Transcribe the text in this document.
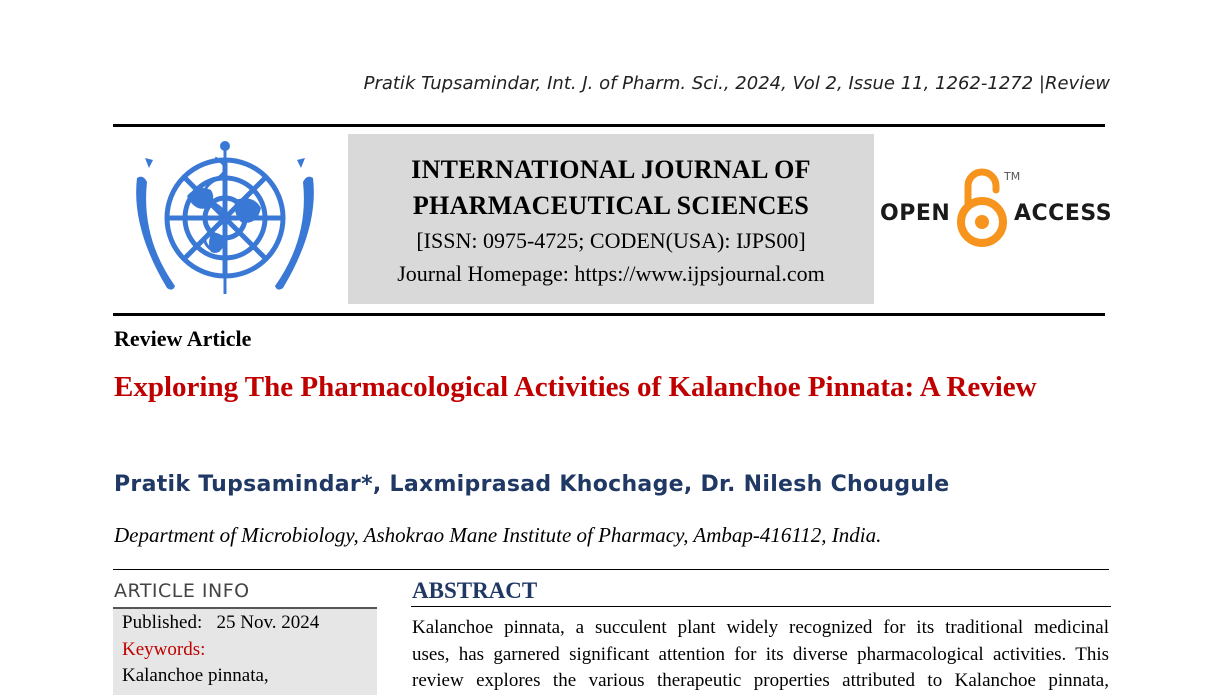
Pratik Tupsamindar, Int. J. of Pharm. Sci., 2024, Vol 2, Issue 11, 1262-1272 |Review
INTERNATIONAL JOURNAL OF
PHARMACEUTICAL SCIENCES
[ISSN: 0975-4725; CODEN(USA): IJPS00]
Journal Homepage: https://www.ijpsjournal.com
OPEN
TM
ACCESS
Review Article
Exploring The Pharmacological Activities of Kalanchoe Pinnata: A Review
Pratik Tupsamindar*, Laxmiprasad Khochage, Dr. Nilesh Chougule
Department of Microbiology, Ashokrao Mane Institute of Pharmacy, Ambap-416112, India.
ARTICLE INFO
Published: 25 Nov. 2024
Keywords:
Kalanchoe pinnata,
ABSTRACT
Kalanchoe pinnata, a succulent plant widely recognized for its traditional medicinal
uses, has garnered significant attention for its diverse pharmacological activities. This
review explores the various therapeutic properties attributed to Kalanchoe pinnata,
